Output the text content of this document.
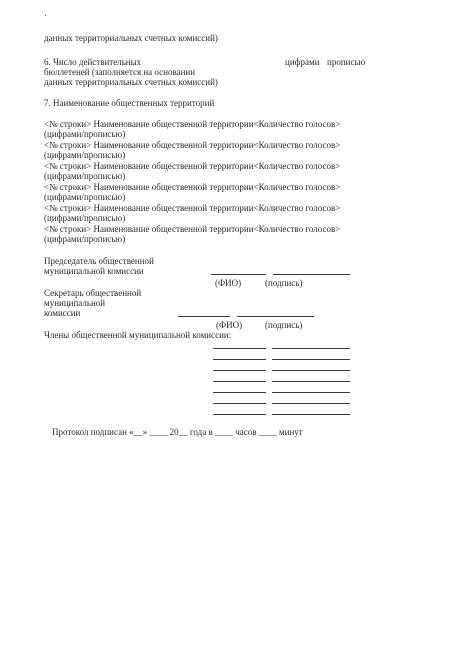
данных территориальных счетных комиссий)
6. Число действительных
бюллетеней (заполняется на основании
данных территориальных счетных комиссий)
цифрами прописью
7. Наименование общественных территорий
<№ строки> Наименование общественной территории<Количество голосов>
(цифрами/прописью)
<№ строки> Наименование общественной территории<Количество голосов>
(цифрами/прописью)
<№ строки> Наименование общественной территории<Количество голосов>
(цифрами/прописью)
<№ строки> Наименование общественной территории<Количество голосов>
(цифрами/прописью)
<№ строки> Наименование общественной территории<Количество голосов>
(цифрами/прописью)
<№ строки> Наименование общественной территории<Количество голосов>
(цифрами/прописью)
Председатель общественной
муниципальной комиссии
(ФИО)	(подпись)
Секретарь общественной
муниципальной
комиссии
(ФИО)	(подпись)
Члены общественной муниципальной комиссии:
Протокол подписан «__» ____ 20__ года в ____ часов ____ минут
